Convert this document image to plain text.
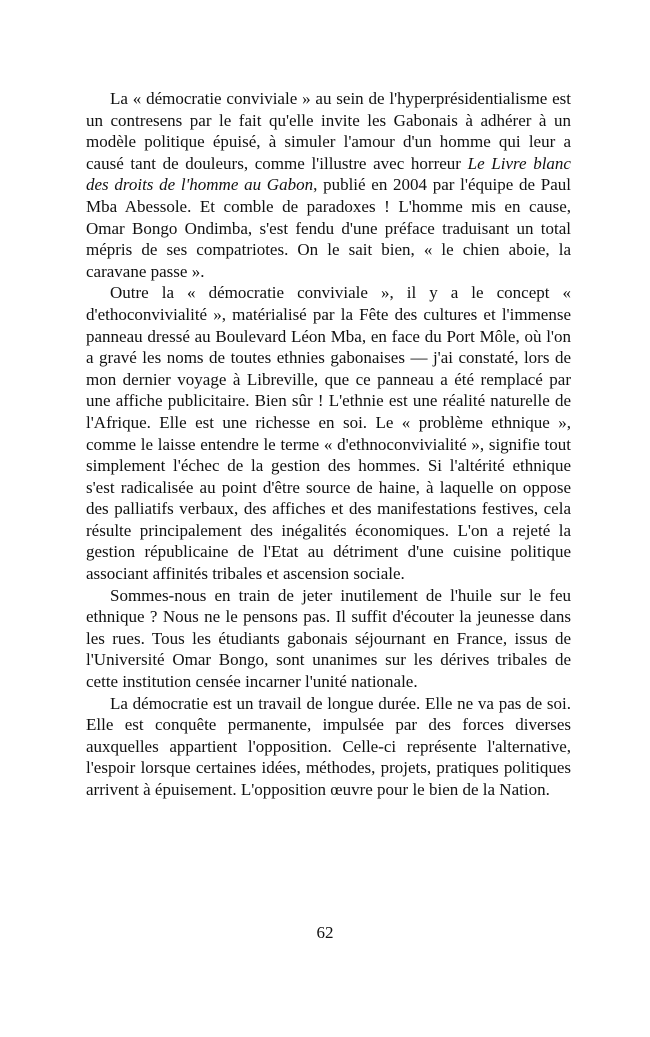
La « démocratie conviviale » au sein de l'hyperprésidentialisme est un contresens par le fait qu'elle invite les Gabonais à adhérer à un modèle politique épuisé, à simuler l'amour d'un homme qui leur a causé tant de douleurs, comme l'illustre avec horreur Le Livre blanc des droits de l'homme au Gabon, publié en 2004 par l'équipe de Paul Mba Abessole. Et comble de paradoxes ! L'homme mis en cause, Omar Bongo Ondimba, s'est fendu d'une préface traduisant un total mépris de ses compatriotes. On le sait bien, « le chien aboie, la caravane passe ».

Outre la « démocratie conviviale », il y a le concept « d'ethoconvivialité », matérialisé par la Fête des cultures et l'immense panneau dressé au Boulevard Léon Mba, en face du Port Môle, où l'on a gravé les noms de toutes ethnies gabonaises — j'ai constaté, lors de mon dernier voyage à Libreville, que ce panneau a été remplacé par une affiche publicitaire. Bien sûr ! L'ethnie est une réalité naturelle de l'Afrique. Elle est une richesse en soi. Le « problème ethnique », comme le laisse entendre le terme « d'ethnoconvivialité », signifie tout simplement l'échec de la gestion des hommes. Si l'altérité ethnique s'est radicalisée au point d'être source de haine, à laquelle on oppose des palliatifs verbaux, des affiches et des manifestations festives, cela résulte principalement des inégalités économiques. L'on a rejeté la gestion républicaine de l'Etat au détriment d'une cuisine politique associant affinités tribales et ascension sociale.

Sommes-nous en train de jeter inutilement de l'huile sur le feu ethnique ? Nous ne le pensons pas. Il suffit d'écouter la jeunesse dans les rues. Tous les étudiants gabonais séjournant en France, issus de l'Université Omar Bongo, sont unanimes sur les dérives tribales de cette institution censée incarner l'unité nationale.

La démocratie est un travail de longue durée. Elle ne va pas de soi. Elle est conquête permanente, impulsée par des forces diverses auxquelles appartient l'opposition. Celle-ci représente l'alternative, l'espoir lorsque certaines idées, méthodes, projets, pratiques politiques arrivent à épuisement. L'opposition œuvre pour le bien de la Nation.

62
